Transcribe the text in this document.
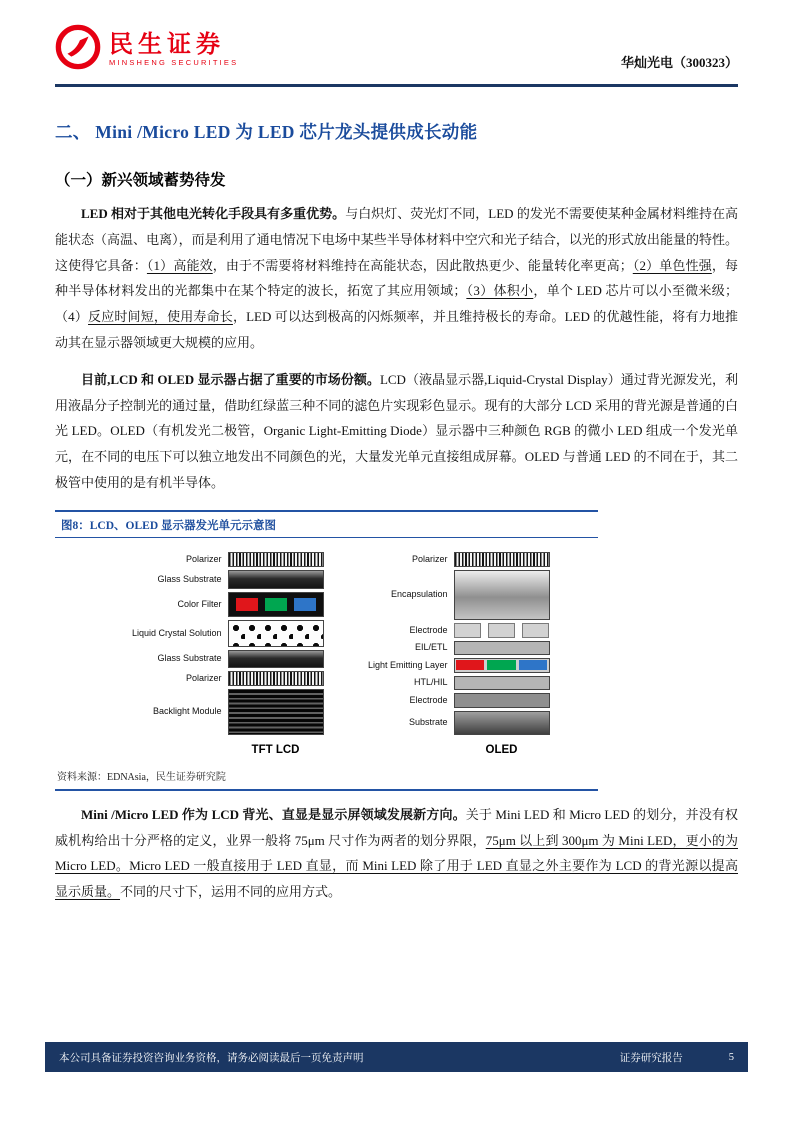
民生证券
MINSHENG SECURITIES	华灿光电（300323）
二、 Mini /Micro LED 为 LED 芯片龙头提供成长动能
（一）新兴领域蓄势待发

LED 相对于其他电光转化手段具有多重优势。与白炽灯、荧光灯不同，LED 的发光不需要使某种金属材料维持在高能状态（高温、电离），而是利用了通电情况下电场中某些半导体材料中空穴和光子结合，以光的形式放出能量的特性。这使得它具备：（1）高能效，由于不需要将材料维持在高能状态，因此散热更少、能量转化率更高；（2）单色性强，每种半导体材料发出的光都集中在某个特定的波长，拓宽了其应用领域；（3）体积小，单个 LED 芯片可以小至微米级；（4）反应时间短，使用寿命长，LED 可以达到极高的闪烁频率，并且维持极长的寿命。LED 的优越性能，将有力地推动其在显示器领域更大规模的应用。

目前,LCD 和 OLED 显示器占据了重要的市场份额。LCD（液晶显示器,Liquid-Crystal Display）通过背光源发光，利用液晶分子控制光的通过量，借助红绿蓝三种不同的滤色片实现彩色显示。现有的大部分 LCD 采用的背光源是普通的白光 LED。OLED（有机发光二极管，Organic Light-Emitting Diode）显示器中三种颜色 RGB 的微小 LED 组成一个发光单元，在不同的电压下可以独立地发出不同颜色的光，大量发光单元直接组成屏幕。OLED 与普通 LED 的不同在于，其二极管中使用的是有机半导体。

图8：LCD、OLED 显示器发光单元示意图
Polarizer
Glass Substrate
Color Filter
Liquid Crystal Solution
Glass Substrate
Polarizer
Backlight Module
TFT LCD
Polarizer
Encapsulation
Electrode
EIL/ETL
Light Emitting Layer
HTL/HIL
Electrode
Substrate
OLED
资料来源：EDNAsia，民生证券研究院

Mini /Micro LED 作为 LCD 背光、直显是显示屏领域发展新方向。关于 Mini LED 和 Micro LED 的划分，并没有权威机构给出十分严格的定义，业界一般将 75μm 尺寸作为两者的划分界限，75μm 以上到 300μm 为 Mini LED，更小的为 Micro LED。Micro LED 一般直接用于 LED 直显，而 Mini LED 除了用于 LED 直显之外主要作为 LCD 的背光源以提高显示质量。不同的尺寸下，运用不同的应用方式。

本公司具备证券投资咨询业务资格，请务必阅读最后一页免责声明	证券研究报告	5
